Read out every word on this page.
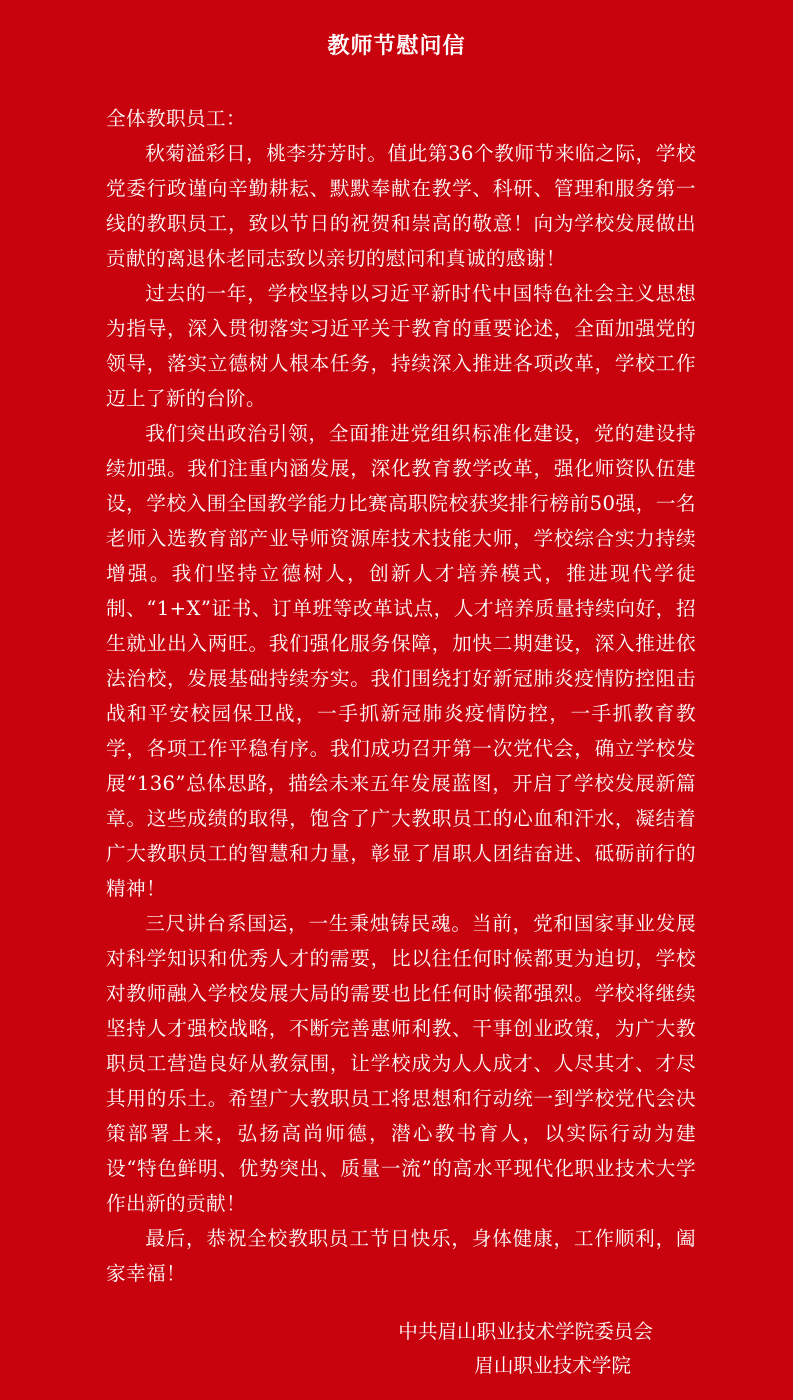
教师节慰问信

全体教职员工：

秋菊溢彩日，桃李芬芳时。值此第36个教师节来临之际，学校党委行政谨向辛勤耕耘、默默奉献在教学、科研、管理和服务第一线的教职员工，致以节日的祝贺和崇高的敬意！向为学校发展做出贡献的离退休老同志致以亲切的慰问和真诚的感谢！

过去的一年，学校坚持以习近平新时代中国特色社会主义思想为指导，深入贯彻落实习近平关于教育的重要论述，全面加强党的领导，落实立德树人根本任务，持续深入推进各项改革，学校工作迈上了新的台阶。

我们突出政治引领，全面推进党组织标准化建设，党的建设持续加强。我们注重内涵发展，深化教育教学改革，强化师资队伍建设，学校入围全国教学能力比赛高职院校获奖排行榜前50强，一名老师入选教育部产业导师资源库技术技能大师，学校综合实力持续增强。我们坚持立德树人，创新人才培养模式，推进现代学徒制、“1+X”证书、订单班等改革试点，人才培养质量持续向好，招生就业出入两旺。我们强化服务保障，加快二期建设，深入推进依法治校，发展基础持续夯实。我们围绕打好新冠肺炎疫情防控阻击战和平安校园保卫战，一手抓新冠肺炎疫情防控，一手抓教育教学，各项工作平稳有序。我们成功召开第一次党代会，确立学校发展“136”总体思路，描绘未来五年发展蓝图，开启了学校发展新篇章。这些成绩的取得，饱含了广大教职员工的心血和汗水，凝结着广大教职员工的智慧和力量，彰显了眉职人团结奋进、砥砺前行的精神！

三尺讲台系国运，一生秉烛铸民魂。当前，党和国家事业发展对科学知识和优秀人才的需要，比以往任何时候都更为迫切，学校对教师融入学校发展大局的需要也比任何时候都强烈。学校将继续坚持人才强校战略，不断完善惠师利教、干事创业政策，为广大教职员工营造良好从教氛围，让学校成为人人成才、人尽其才、才尽其用的乐土。希望广大教职员工将思想和行动统一到学校党代会决策部署上来，弘扬高尚师德，潜心教书育人，以实际行动为建设“特色鲜明、优势突出、质量一流”的高水平现代化职业技术大学作出新的贡献！

最后，恭祝全校教职员工节日快乐，身体健康，工作顺利，阖家幸福！

中共眉山职业技术学院委员会
眉山职业技术学院
